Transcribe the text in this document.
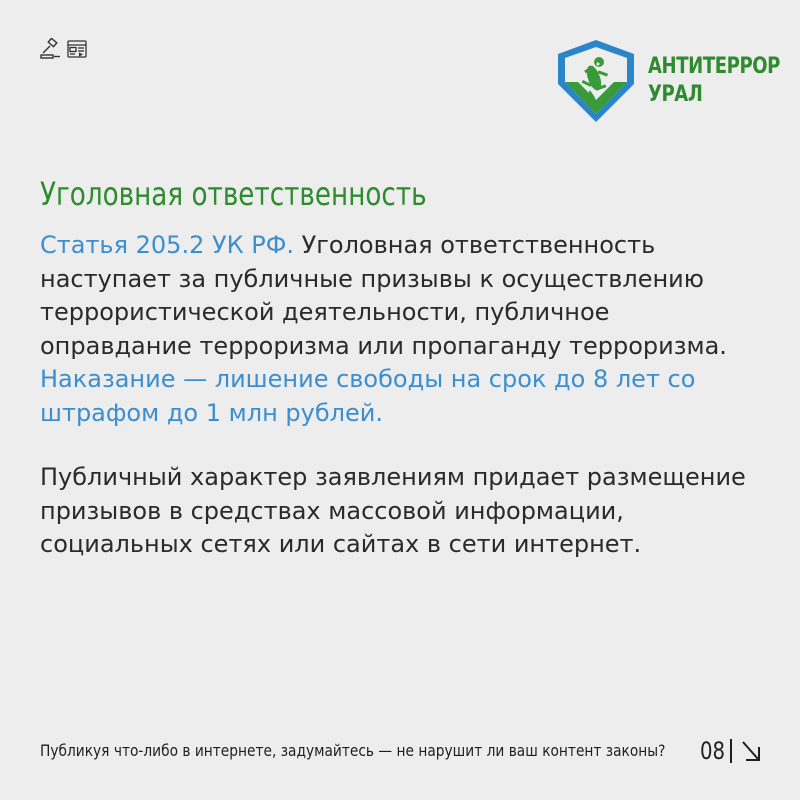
АНТИТЕРРОР
УРАЛ
Уголовная ответственность

Статья 205.2 УК РФ. Уголовная ответственность наступает за публичные призывы к осуществлению террористической деятельности, публичное оправдание терроризма или пропаганду терроризма. Наказание — лишение свободы на срок до 8 лет со штрафом до 1 млн рублей.

Публичный характер заявлениям придает размещение призывов в средствах массовой информации, социальных сетях или сайтах в сети интернет.

Публикуя что-либо в интернете, задумайтесь — не нарушит ли ваш контент законы? 08
